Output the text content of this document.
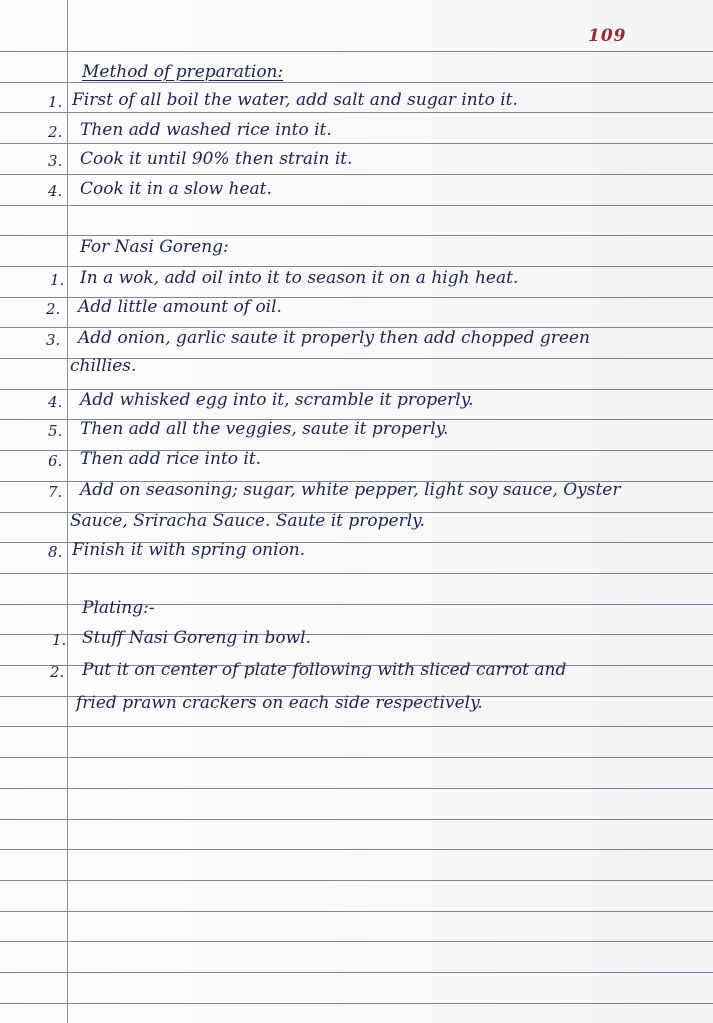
109
Method of preparation:
1. First of all boil the water, add salt and sugar into it.
2. Then add washed rice into it.
3. Cook it until 90% then strain it.
4. Cook it in a slow heat.
For Nasi Goreng:
1. In a wok, add oil into it to season it on a high heat.
2. Add little amount of oil.
3. Add onion, garlic saute it properly then add chopped green
chillies.
4. Add whisked egg into it, scramble it properly.
5. Then add all the veggies, saute it properly.
6. Then add rice into it.
7. Add on seasoning; sugar, white pepper, light soy sauce, Oyster
Sauce, Sriracha Sauce. Saute it properly.
8. Finish it with spring onion.
Plating:-
1. Stuff Nasi Goreng in bowl.
2. Put it on center of plate following with sliced carrot and
fried prawn crackers on each side respectively.
